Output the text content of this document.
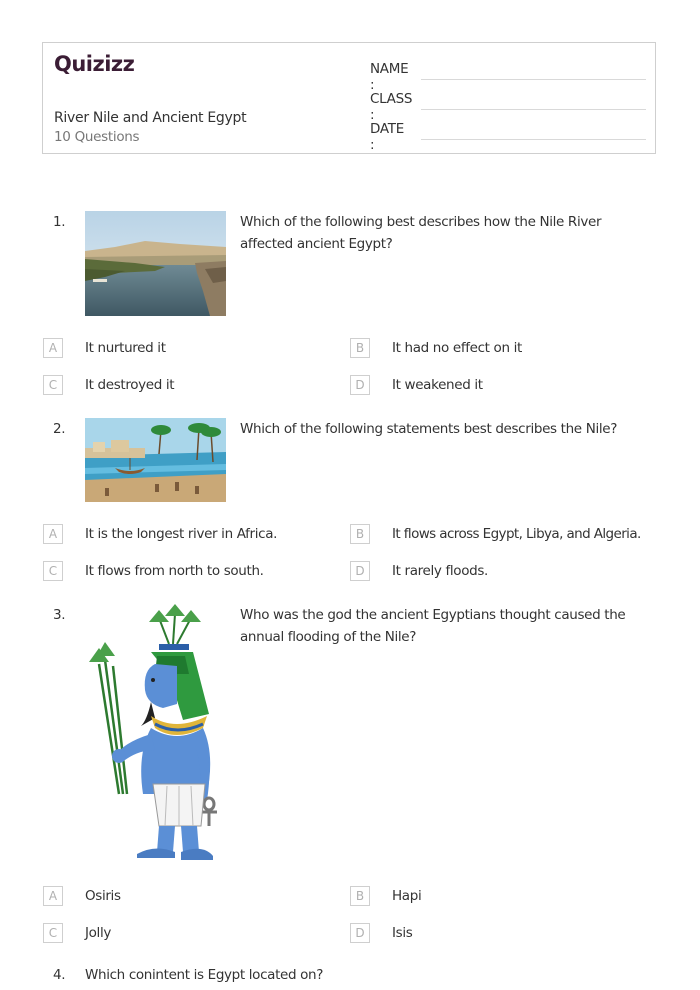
Quizizz
River Nile and Ancient Egypt
10 Questions
NAME :
CLASS :
DATE :
1.	Which of the following best describes how the Nile River affected ancient Egypt?
A	It nurtured it	B	It had no effect on it
C	It destroyed it	D	It weakened it
2.	Which of the following statements best describes the Nile?
A	It is the longest river in Africa.	B	It flows across Egypt, Libya, and Algeria.
C	It flows from north to south.	D	It rarely floods.
3.	Who was the god the ancient Egyptians thought caused the annual flooding of the Nile?
A	Osiris	B	Hapi
C	Jolly	D	Isis
4. Which conintent is Egypt located on?
